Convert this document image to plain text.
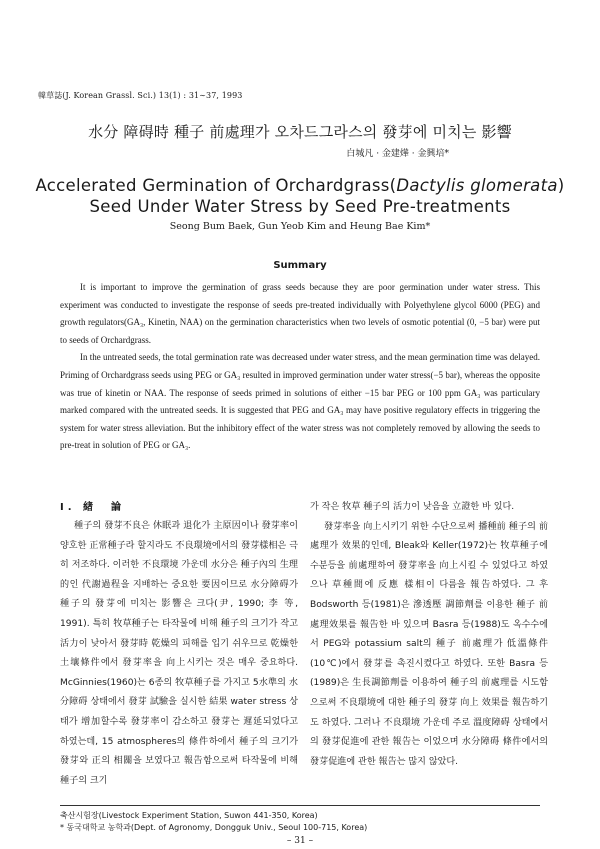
韓草誌(J. Korean Grassl. Sci.) 13(1) : 31∼37, 1993
水分 障碍時 種子 前處理가 오차드그라스의 發芽에 미치는 影響
白城凡 · 金建燁 · 金興培*
Accelerated Germination of Orchardgrass(Dactylis glomerata)
Seed Under Water Stress by Seed Pre-treatments
Seong Bum Baek, Gun Yeob Kim and Heung Bae Kim*
Summary

It is important to improve the germination of grass seeds because they are poor germination under water stress. This experiment was conducted to investigate the response of seeds pre-treated individually with Polyethylene glycol 6000 (PEG) and growth regulators(GA₃, Kinetin, NAA) on the germination characteristics when two levels of osmotic potential (0, −5 bar) were put to seeds of Orchardgrass.

In the untreated seeds, the total germination rate was decreased under water stress, and the mean germination time was delayed. Priming of Orchardgrass seeds using PEG or GA₃ resulted in improved germination under water stress(−5 bar), whereas the opposite was true of kinetin or NAA. The response of seeds primed in solutions of either −15 bar PEG or 100 ppm GA₃ was particulary marked compared with the untreated seeds. It is suggested that PEG and GA₃ may have positive regulatory effects in triggering the system for water stress alleviation. But the inhibitory effect of the water stress was not completely removed by allowing the seeds to pre-treat in solution of PEG or GA₃.

Ⅰ. 緖　論

種子의 發芽不良은 休眠과 退化가 主原因이나 發芽率이 양호한 正常種子라 할지라도 不良環境에서의 發芽樣相은 극히 저조하다. 이러한 不良環境 가운데 水分은 種子內의 生理的인 代謝過程을 지배하는 중요한 要因이므로 水分障碍가 種子의 發芽에 미치는 影響은 크다(尹, 1990; 李 等, 1991). 특히 牧草種子는 타작물에 비해 種子의 크기가 작고 活力이 낮아서 發芽時 乾燥의 피해를 입기 쉬우므로 乾燥한 土壤條件에서 發芽率을 向上시키는 것은 매우 중요하다. McGinnies(1960)는 6종의 牧草種子를 가지고 5水準의 水分障碍 상태에서 發芽 試驗을 실시한 結果 water stress 상태가 增加할수록 發芽率이 감소하고 發芽는 遲延되었다고 하였는데, 15 atmospheres의 條件하에서 種子의 크기가 發芽와 正의 相關을 보였다고 報告함으로써 타작물에 비해 種子의 크기

가 작은 牧草 種子의 活力이 낮음을 立證한 바 있다.

發芽率을 向上시키기 위한 수단으로써 播種前 種子의 前處理가 效果的인데, Bleak와 Keller(1972)는 牧草種子에 수분등을 前處理하여 發芽率을 向上시킬 수 있었다고 하였으나 草種間에 反應 樣相이 다름을 報告하였다. 그 후 Bodsworth 등(1981)은 滲透壓 調節劑를 이용한 種子 前處理效果를 報告한 바 있으며 Basra 등(1988)도 옥수수에서 PEG와 potassium salt의 種子 前處理가 低溫條件(10℃)에서 發芽를 촉진시켰다고 하였다. 또한 Basra 등(1989)은 生長調節劑를 이용하여 種子의 前處理를 시도함으로써 不良環境에 대한 種子의 發芽 向上 效果를 報告하기도 하였다. 그러나 不良環境 가운데 주로 溫度障碍 상태에서의 發芽促進에 관한 報告는 이었으며 水分障碍 條件에서의 發芽促進에 관한 報告는 많지 않았다.

축산시험장(Livestock Experiment Station, Suwon 441-350, Korea)
* 동국대학교 농학과(Dept. of Agronomy, Dongguk Univ., Seoul 100-715, Korea)
– 31 –
